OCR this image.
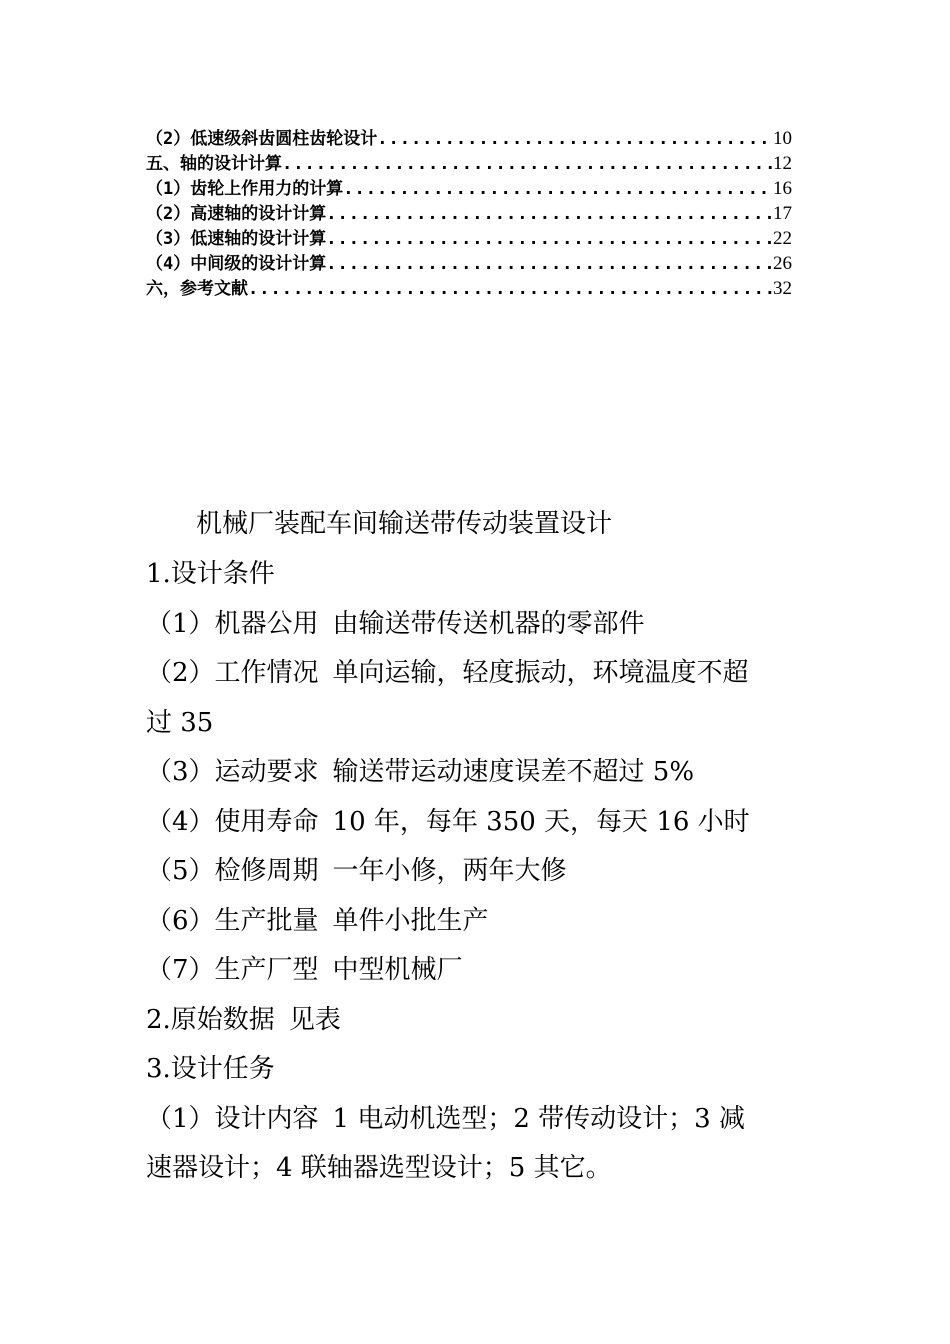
（2）低速级斜齿圆柱齿轮设计 .....	10
五、轴的设计计算 .....	12
（1）齿轮上作用力的计算 .....	16
（2）高速轴的设计计算 .....	17
（3）低速轴的设计计算 .....	22
（4）中间级的设计计算 .....	26
六，参考文献 .....	32
机械厂装配车间输送带传动装置设计
1.设计条件
（1）机器公用 由输送带传送机器的零部件
（2）工作情况 单向运输，轻度振动，环境温度不超
过 35
（3）运动要求 输送带运动速度误差不超过 5%
（4）使用寿命 10 年，每年 350 天，每天 16 小时
（5）检修周期 一年小修，两年大修
（6）生产批量 单件小批生产
（7）生产厂型 中型机械厂
2.原始数据 见表
3.设计任务
（1）设计内容 1 电动机选型；2 带传动设计；3 减
速器设计；4 联轴器选型设计；5 其它。
